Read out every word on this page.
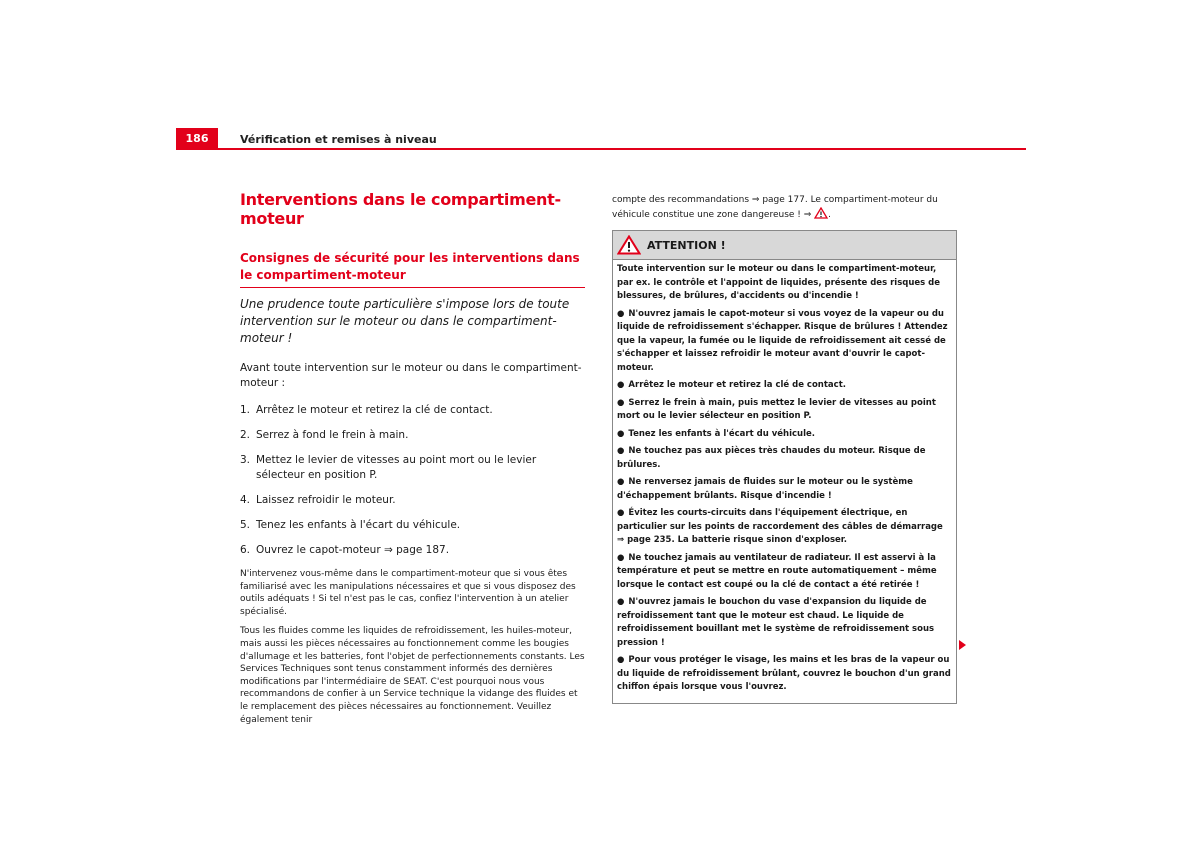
186	Vérification et remises à niveau
Interventions dans le compartiment-moteur
Consignes de sécurité pour les interventions dans le compartiment-moteur

Une prudence toute particulière s'impose lors de toute intervention sur le moteur ou dans le compartiment-moteur !

Avant toute intervention sur le moteur ou dans le compartiment-moteur :

1. Arrêtez le moteur et retirez la clé de contact.
2. Serrez à fond le frein à main.
3. Mettez le levier de vitesses au point mort ou le levier sélecteur en position P.
4. Laissez refroidir le moteur.
5. Tenez les enfants à l'écart du véhicule.
6. Ouvrez le capot-moteur ⇒ page 187.

N'intervenez vous-même dans le compartiment-moteur que si vous êtes familiarisé avec les manipulations nécessaires et que si vous disposez des outils adéquats ! Si tel n'est pas le cas, confiez l'intervention à un atelier spécialisé.

Tous les fluides comme les liquides de refroidissement, les huiles-moteur, mais aussi les pièces nécessaires au fonctionnement comme les bougies d'allumage et les batteries, font l'objet de perfectionnements constants. Les Services Techniques sont tenus constamment informés des dernières modifications par l'intermédiaire de SEAT. C'est pourquoi nous vous recommandons de confier à un Service technique la vidange des fluides et le remplacement des pièces nécessaires au fonctionnement. Veuillez également tenir

compte des recommandations ⇒ page 177. Le compartiment-moteur du véhicule constitue une zone dangereuse ! ⇒ .

ATTENTION !

Toute intervention sur le moteur ou dans le compartiment-moteur, par ex. le contrôle et l'appoint de liquides, présente des risques de blessures, de brûlures, d'accidents ou d'incendie !

● N'ouvrez jamais le capot-moteur si vous voyez de la vapeur ou du liquide de refroidissement s'échapper. Risque de brûlures ! Attendez que la vapeur, la fumée ou le liquide de refroidissement ait cessé de s'échapper et laissez refroidir le moteur avant d'ouvrir le capot-moteur.

● Arrêtez le moteur et retirez la clé de contact.

● Serrez le frein à main, puis mettez le levier de vitesses au point mort ou le levier sélecteur en position P.

● Tenez les enfants à l'écart du véhicule.

● Ne touchez pas aux pièces très chaudes du moteur. Risque de brûlures.

● Ne renversez jamais de fluides sur le moteur ou le système d'échappement brûlants. Risque d'incendie !

● Évitez les courts-circuits dans l'équipement électrique, en particulier sur les points de raccordement des câbles de démarrage ⇒ page 235. La batterie risque sinon d'exploser.

● Ne touchez jamais au ventilateur de radiateur. Il est asservi à la température et peut se mettre en route automatiquement – même lorsque le contact est coupé ou la clé de contact a été retirée !

● N'ouvrez jamais le bouchon du vase d'expansion du liquide de refroidissement tant que le moteur est chaud. Le liquide de refroidissement bouillant met le système de refroidissement sous pression !

● Pour vous protéger le visage, les mains et les bras de la vapeur ou du liquide de refroidissement brûlant, couvrez le bouchon d'un grand chiffon épais lorsque vous l'ouvrez.
